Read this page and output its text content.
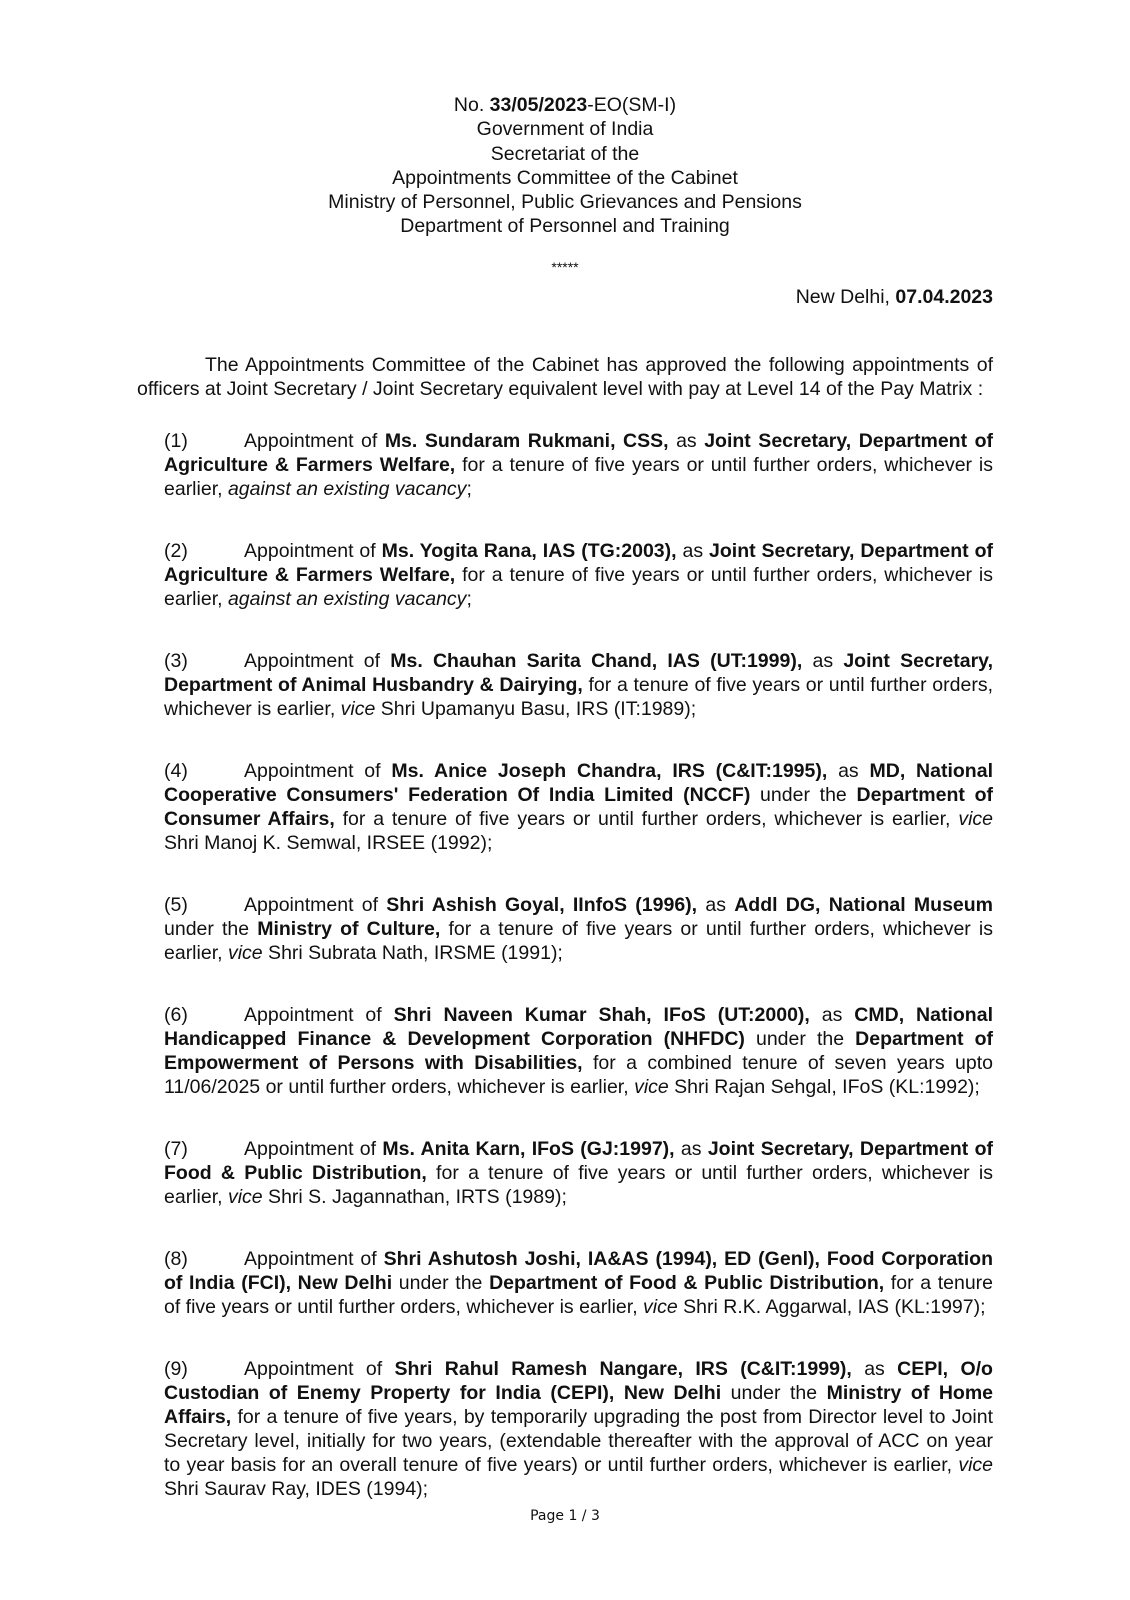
No. 33/05/2023-EO(SM-I)
Government of India
Secretariat of the
Appointments Committee of the Cabinet
Ministry of Personnel, Public Grievances and Pensions
Department of Personnel and Training
*****
New Delhi, 07.04.2023

The Appointments Committee of the Cabinet has approved the following appointments of officers at Joint Secretary / Joint Secretary equivalent level with pay at Level 14 of the Pay Matrix :

(1)	Appointment of Ms. Sundaram Rukmani, CSS, as Joint Secretary, Department of Agriculture & Farmers Welfare, for a tenure of five years or until further orders, whichever is earlier, against an existing vacancy;

(2)	Appointment of Ms. Yogita Rana, IAS (TG:2003), as Joint Secretary, Department of Agriculture & Farmers Welfare, for a tenure of five years or until further orders, whichever is earlier, against an existing vacancy;

(3)	Appointment of Ms. Chauhan Sarita Chand, IAS (UT:1999), as Joint Secretary, Department of Animal Husbandry & Dairying, for a tenure of five years or until further orders, whichever is earlier, vice Shri Upamanyu Basu, IRS (IT:1989);

(4)	Appointment of Ms. Anice Joseph Chandra, IRS (C&IT:1995), as MD, National Cooperative Consumers' Federation Of India Limited (NCCF) under the Department of Consumer Affairs, for a tenure of five years or until further orders, whichever is earlier, vice Shri Manoj K. Semwal, IRSEE (1992);

(5)	Appointment of Shri Ashish Goyal, IInfoS (1996), as Addl DG, National Museum under the Ministry of Culture, for a tenure of five years or until further orders, whichever is earlier, vice Shri Subrata Nath, IRSME (1991);

(6)	Appointment of Shri Naveen Kumar Shah, IFoS (UT:2000), as CMD, National Handicapped Finance & Development Corporation (NHFDC) under the Department of Empowerment of Persons with Disabilities, for a combined tenure of seven years upto 11/06/2025 or until further orders, whichever is earlier, vice Shri Rajan Sehgal, IFoS (KL:1992);

(7)	Appointment of Ms. Anita Karn, IFoS (GJ:1997), as Joint Secretary, Department of Food & Public Distribution, for a tenure of five years or until further orders, whichever is earlier, vice Shri S. Jagannathan, IRTS (1989);

(8)	Appointment of Shri Ashutosh Joshi, IA&AS (1994), ED (Genl), Food Corporation of India (FCI), New Delhi under the Department of Food & Public Distribution, for a tenure of five years or until further orders, whichever is earlier, vice Shri R.K. Aggarwal, IAS (KL:1997);

(9)	Appointment of Shri Rahul Ramesh Nangare, IRS (C&IT:1999), as CEPI, O/o Custodian of Enemy Property for India (CEPI), New Delhi under the Ministry of Home Affairs, for a tenure of five years, by temporarily upgrading the post from Director level to Joint Secretary level, initially for two years, (extendable thereafter with the approval of ACC on year to year basis for an overall tenure of five years) or until further orders, whichever is earlier, vice Shri Saurav Ray, IDES (1994);

Page 1 / 3
